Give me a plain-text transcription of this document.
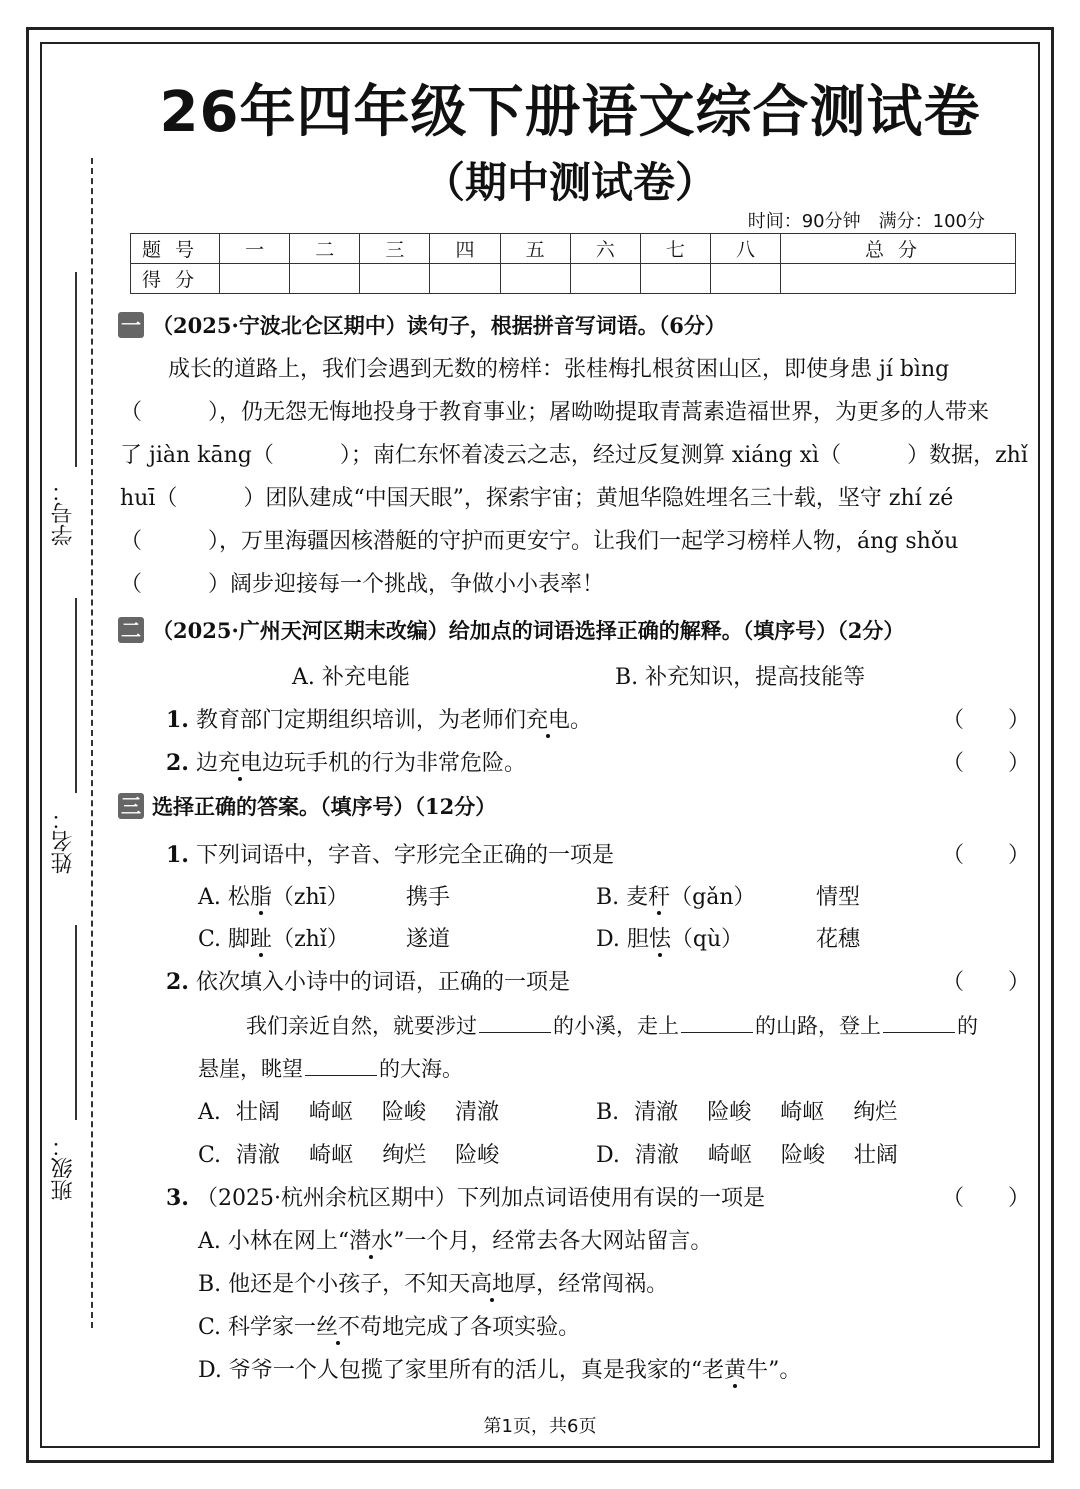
学号：
姓名：
班级：
26年四年级下册语文综合测试卷
（期中测试卷）
时间：90分钟 满分：100分
题号	一	二	三	四	五	六	七	八	总分
得分									
一 （2025·宁波北仑区期中）读句子，根据拼音写词语。（6分）
成长的道路上，我们会遇到无数的榜样：张桂梅扎根贫困山区，即使身患 jí bìng
（　　　），仍无怨无悔地投身于教育事业；屠呦呦提取青蒿素造福世界，为更多的人带来
了 jiàn kāng（　　　）；南仁东怀着凌云之志，经过反复测算 xiáng xì（　　　）数据，zhǐ
huī（　　　）团队建成“中国天眼”，探索宇宙；黄旭华隐姓埋名三十载，坚守 zhí zé
（　　　），万里海疆因核潜艇的守护而更安宁。让我们一起学习榜样人物，áng shǒu
（　　　）阔步迎接每一个挑战，争做小小表率！
二 （2025·广州天河区期末改编）给加点的词语选择正确的解释。（填序号）（2分）
A. 补充电能	B. 补充知识，提高技能等
1. 教育部门定期组织培训，为老师们充电。	（　　）
2. 边充电边玩手机的行为非常危险。	（　　）
三 选择正确的答案。（填序号）（12分）
1. 下列词语中，字音、字形完全正确的一项是	（　　）
A. 松脂（zhī）	携手	B. 麦秆（gǎn）	情型
C. 脚趾（zhǐ）	遂道	D. 胆怯（qù）	花穗
2. 依次填入小诗中的词语，正确的一项是	（　　）
我们亲近自然，就要涉过	的小溪，走上	的山路，登上	的
悬崖，眺望	的大海。
A. 壮阔 崎岖 险峻 清澈	B. 清澈 险峻 崎岖 绚烂
C. 清澈 崎岖 绚烂 险峻	D. 清澈 崎岖 险峻 壮阔
3. （2025·杭州余杭区期中）下列加点词语使用有误的一项是	（　　）
A. 小林在网上“潜水”一个月，经常去各大网站留言。
B. 他还是个小孩子，不知天高地厚，经常闯祸。
C. 科学家一丝不苟地完成了各项实验。
D. 爷爷一个人包揽了家里所有的活儿，真是我家的“老黄牛”。
第1页，共6页
